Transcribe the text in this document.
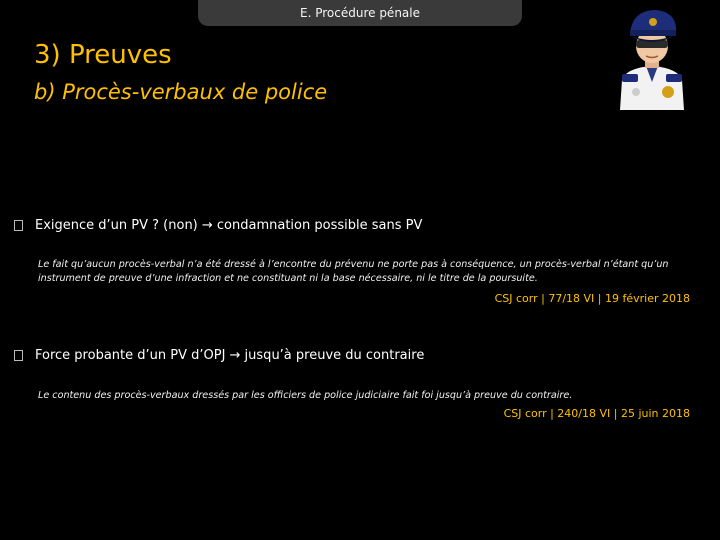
E. Procédure pénale
3) Preuves
b) Procès-verbaux de police
Exigence d’un PV ? (non) → condamnation possible sans PV
Le fait qu’aucun procès-verbal n’a été dressé à l’encontre du prévenu ne porte pas à conséquence, un procès-verbal n’étant qu’un instrument de preuve d’une infraction et ne constituant ni la base nécessaire, ni le titre de la poursuite.
CSJ corr | 77/18 VI | 19 février 2018
Force probante d’un PV d’OPJ → jusqu’à preuve du contraire
Le contenu des procès-verbaux dressés par les officiers de police judiciaire fait foi jusqu’à preuve du contraire.
CSJ corr | 240/18 VI | 25 juin 2018
